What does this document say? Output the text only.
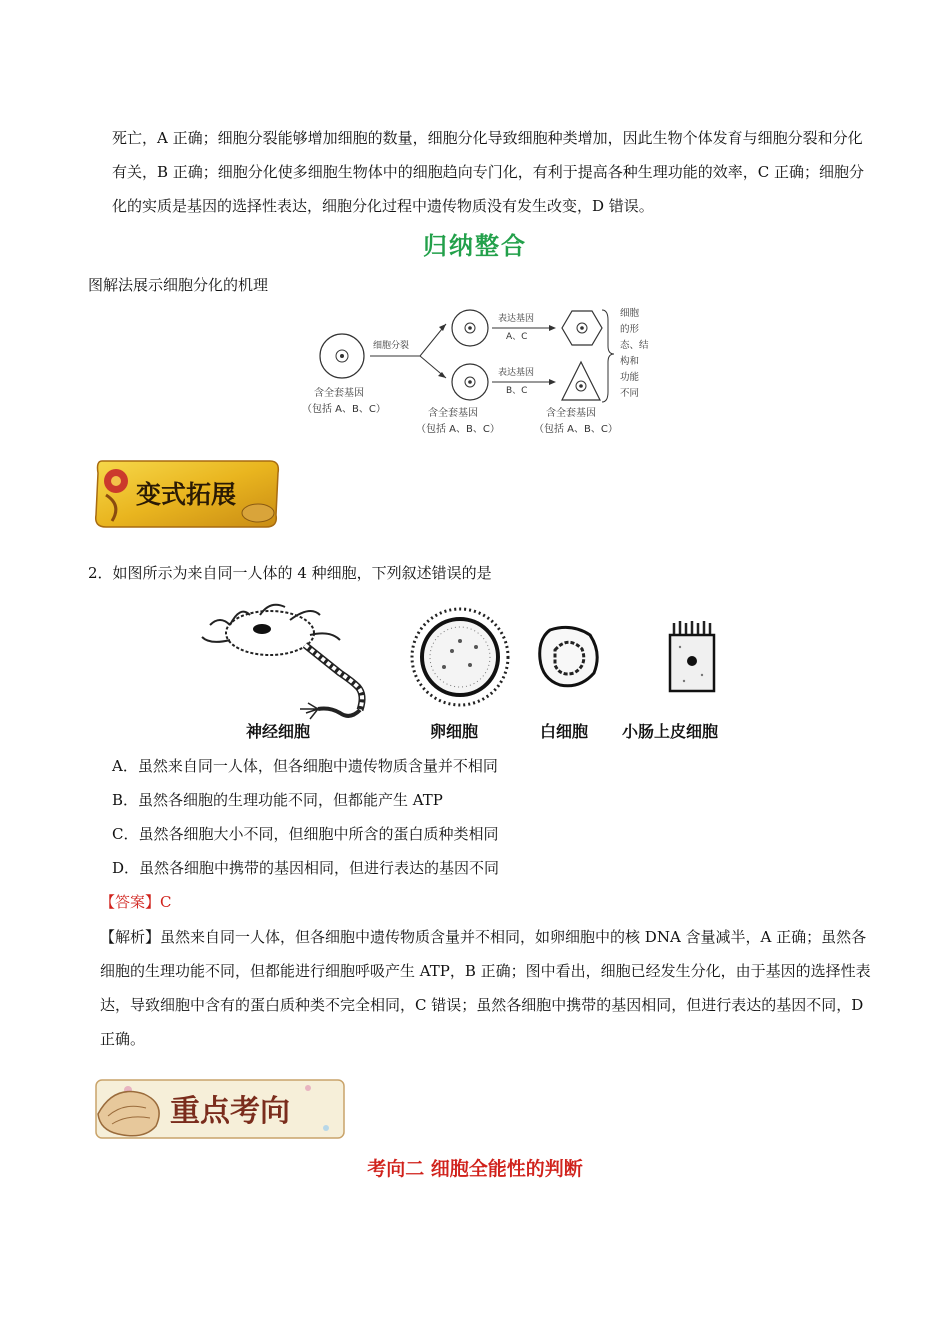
死亡，A 正确；细胞分裂能够增加细胞的数量，细胞分化导致细胞种类增加，因此生物个体发育与细胞分裂和分化有关，B 正确；细胞分化使多细胞生物体中的细胞趋向专门化，有利于提高各种生理功能的效率，C 正确；细胞分化的实质是基因的选择性表达，细胞分化过程中遗传物质没有发生改变，D 错误。

归纳整合
图解法展示细胞分化的机理
细胞分裂
表达基因
A、C
表达基因
B、C
细胞
的形
态、结
构和
功能
不同
含全套基因
（包括 A、B、C）	含全套基因
（包括 A、B、C）
含全套基因
（包括 A、B、C）
变式拓展
2．如图所示为来自同一人体的 4 种细胞，下列叙述错误的是
神经细胞	卵细胞	白细胞 小肠上皮细胞
A．虽然来自同一人体，但各细胞中遗传物质含量并不相同
B．虽然各细胞的生理功能不同，但都能产生 ATP
C．虽然各细胞大小不同，但细胞中所含的蛋白质种类相同
D．虽然各细胞中携带的基因相同，但进行表达的基因不同
【答案】C

【解析】虽然来自同一人体，但各细胞中遗传物质含量并不相同，如卵细胞中的核 DNA 含量减半，A 正确；虽然各细胞的生理功能不同，但都能进行细胞呼吸产生 ATP，B 正确；图中看出，细胞已经发生分化，由于基因的选择性表达，导致细胞中含有的蛋白质种类不完全相同，C 错误；虽然各细胞中携带的基因相同，但进行表达的基因不同，D 正确。

重点考向
考向二 细胞全能性的判断
